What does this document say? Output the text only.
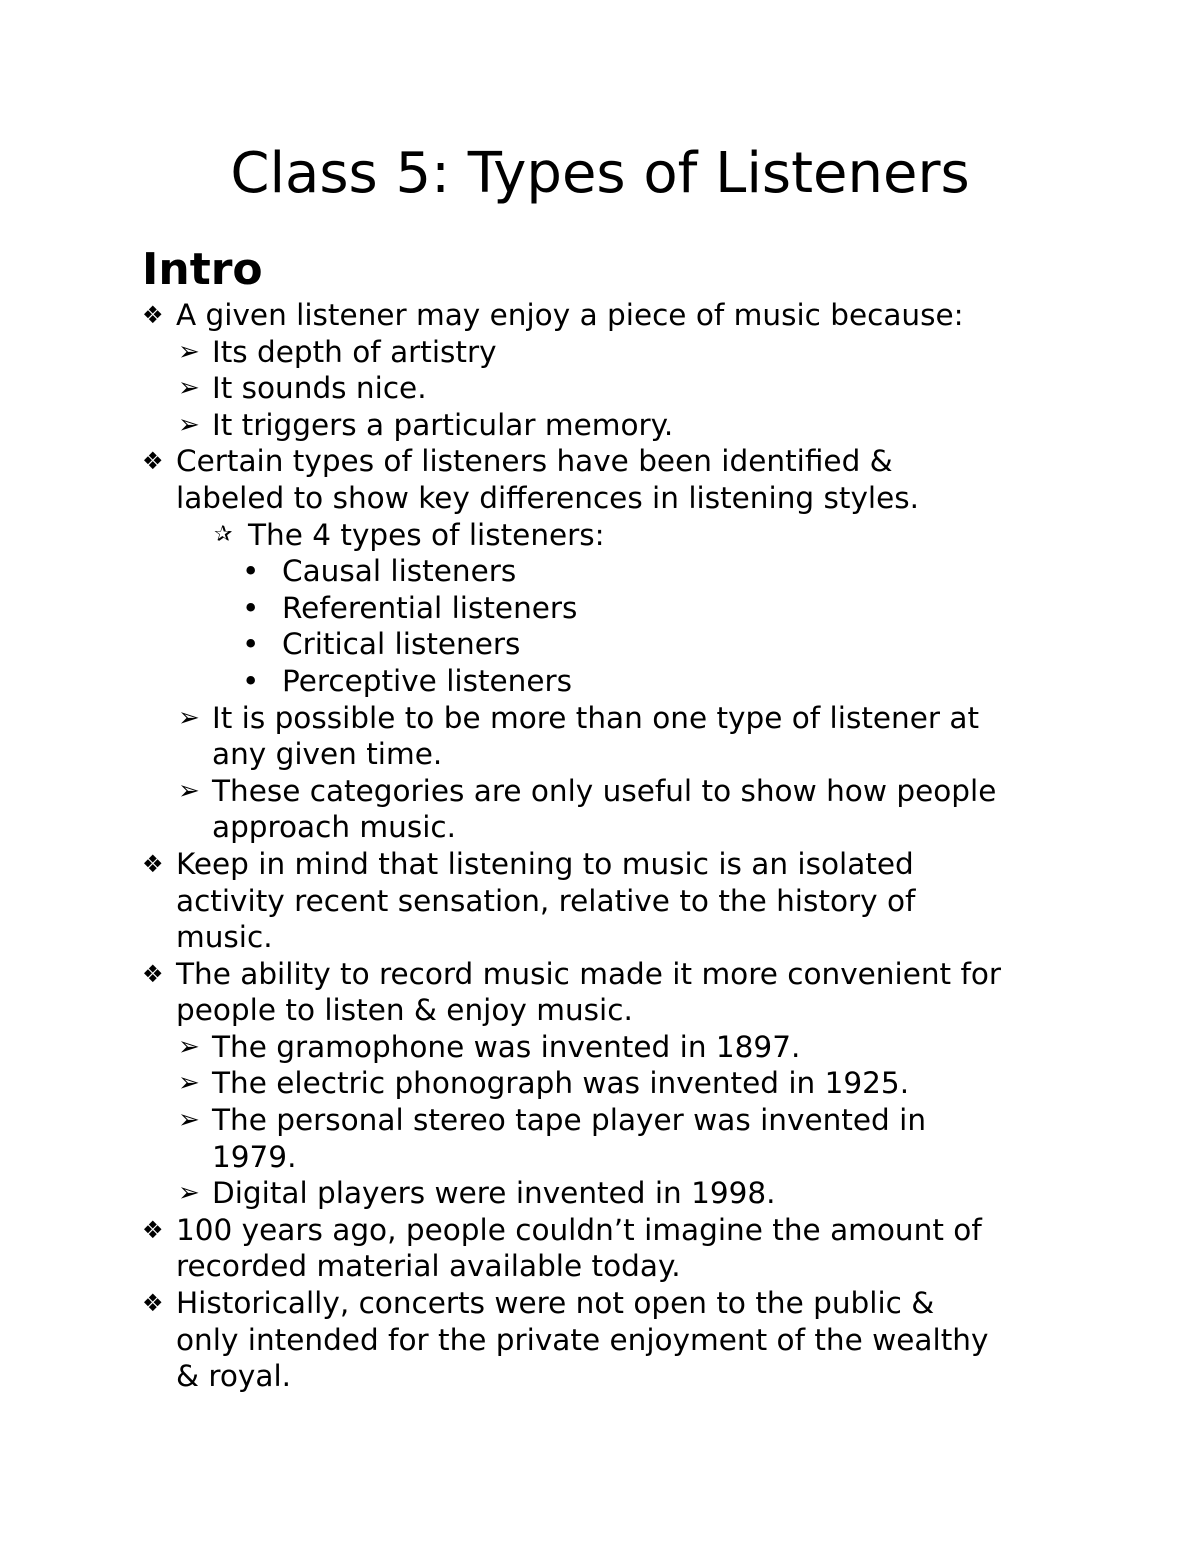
Class 5: Types of Listeners
Intro
❖ A given listener may enjoy a piece of music because:
➢ Its depth of artistry
➢ It sounds nice.
➢ It triggers a particular memory.
❖ Certain types of listeners have been identified &
labeled to show key differences in listening styles.
✰ The 4 types of listeners:
• Causal listeners
• Referential listeners
• Critical listeners
• Perceptive listeners
➢ It is possible to be more than one type of listener at
any given time.
➢ These categories are only useful to show how people
approach music.
❖ Keep in mind that listening to music is an isolated
activity recent sensation, relative to the history of
music.
❖ The ability to record music made it more convenient for
people to listen & enjoy music.
➢ The gramophone was invented in 1897.
➢ The electric phonograph was invented in 1925.
➢ The personal stereo tape player was invented in
1979.
➢ Digital players were invented in 1998.
❖ 100 years ago, people couldn’t imagine the amount of
recorded material available today.
❖ Historically, concerts were not open to the public &
only intended for the private enjoyment of the wealthy
& royal.
